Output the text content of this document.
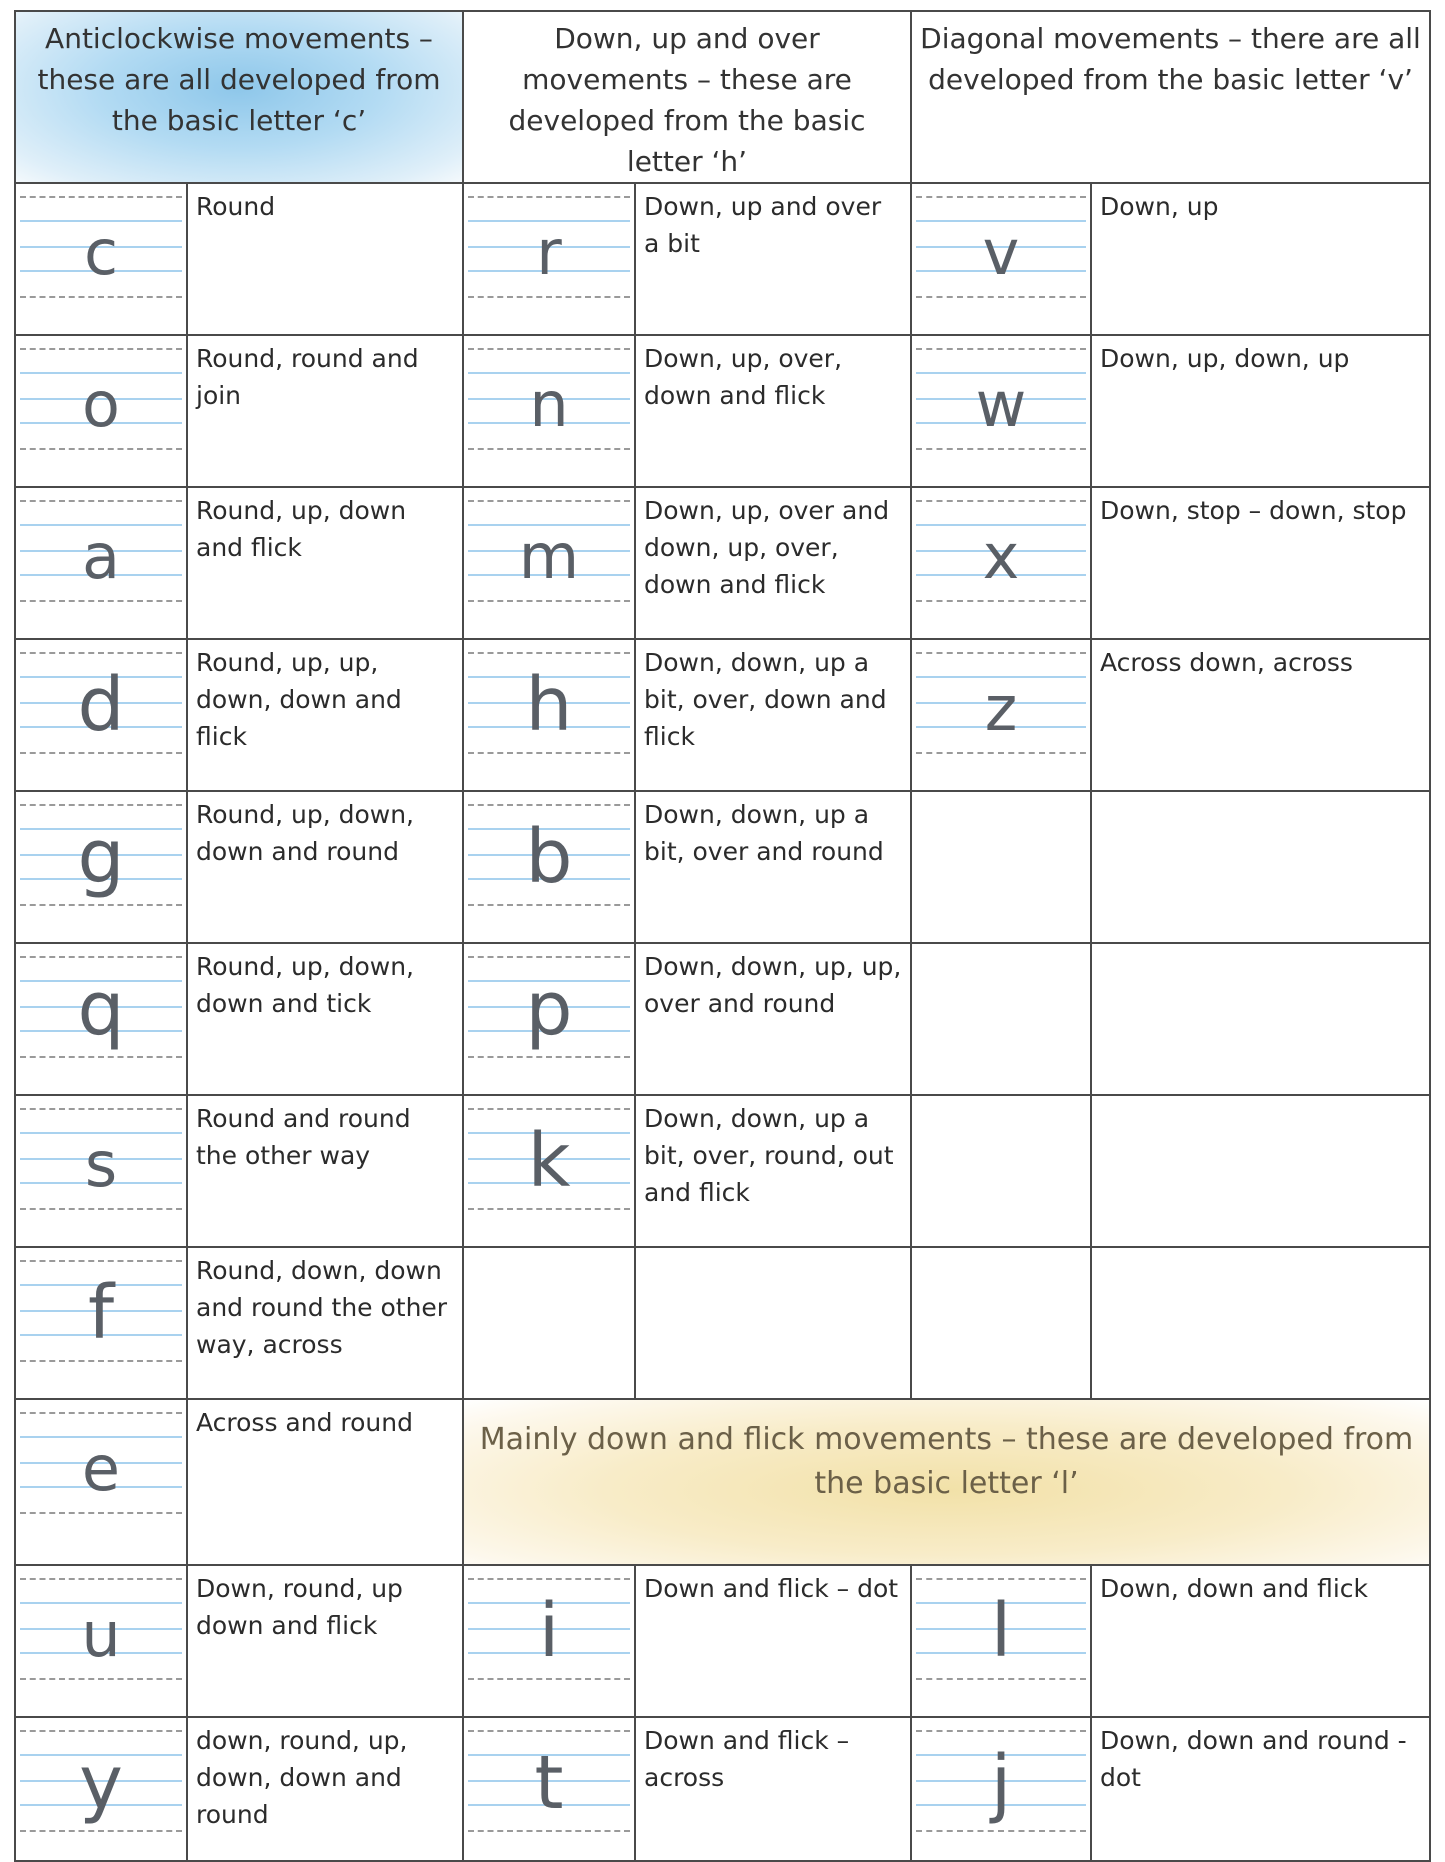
Anticlockwise movements – these are all developed from the basic letter ‘c’		Down, up and over movements – these are developed from the basic letter ‘h’		Diagonal movements – there are all developed from the basic letter ‘v’	

c	Round	r	Down, up and over a bit	v	Down, up

o	Round, round and join	n	Down, up, over, down and flick	w	Down, up, down, up

a	Round, up, down and flick	m	Down, up, over and down, up, over, down and flick	x	Down, stop – down, stop

d	Round, up, up, down, down and flick	h	Down, down, up a bit, over, down and flick	z	Across down, across

g	Round, up, down, down and round	b	Down, down, up a bit, over and round		

q	Round, up, down, down and tick	p	Down, down, up, up, over and round		

s	Round and round the other way	k	Down, down, up a bit, over, round, out and flick		

f	Round, down, down and round the other way, across				

e	Across and round	Mainly down and flick movements – these are developed from the basic letter ‘l’			

u	Down, round, up down and flick	i	Down and flick – dot	l	Down, down and flick

y	down, round, up, down, down and round	t	Down and flick – across	j	Down, down and round - dot
